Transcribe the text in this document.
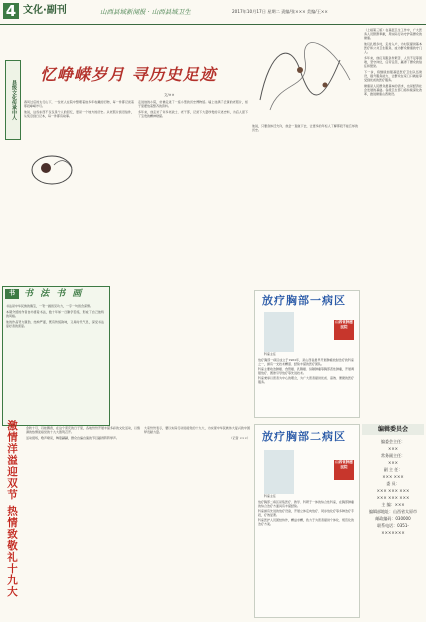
4 文化·副刊	山西县域新闻报 · 山西县域卫生	2017年10月17日 星期二 责编/张××× 美编/王××
县级文化传承中人
忆峥嵘岁月 寻历史足迹
文/××

春风过后的太行山下，一位老人在院中整理着他多年收藏的旧物，每一件都记录着那段峥嵘岁月。

他说，这些东西不仅仅是个人的回忆，更是一个地方的历史。从老照片到旧信件，从奖章到日记本，每一件都有故事。

走进他的小院，仿佛走进了一座小型的历史博物馆。墙上挂满了泛黄的老照片，柜子里摆放着整齐的资料。

多年来，他走访了许多老战士、老干部，记录下大量珍贵的口述史料，为后人留下了宝贵的精神财富。

他说，只要身体还允许，他会一直做下去，让更多的年轻人了解那段不能忘却的历史。

书	书 法 书 画

书法是中华民族的瑰宝，一笔一画皆见功力，一字一句皆含深情。

本期介绍的作者自幼喜爱书法，数十年如一日勤学苦练，形成了自己独特的风格。

他的作品笔力遒劲，结构严谨，既有传统韵味，又具时代气息，深受书法爱好者的喜爱。

激情洋溢迎双节 热情致敬礼十九大	金秋十月，丹桂飘香，在这个喜庆的日子里，各地纷纷开展丰富多彩的文化活动，以饱满的热情迎接党的十九大胜利召开。

活动现场，歌声嘹亮，舞姿翩翩，群众自编自演的节目赢得阵阵掌声。

大家纷纷表示，要以实际行动迎接党的十九大，为实现中华民族伟大复兴的中国梦贡献力量。

（记者 ×××）

放疗胸部一病区
山西省肿瘤医院
科室主任

放疗胸部一病区成立于1962年，是山西省最早开展肿瘤放射治疗的科室之一，拥有一支技术精湛、经验丰富的医疗团队。

科室主要收治肺癌、食管癌、乳腺癌、纵隔肿瘤等胸部恶性肿瘤，开展调强放疗、图像引导放疗等先进技术。

科室秉承以患者为中心的理念，为广大患者提供优质、高效、便捷的医疗服务。

放疗胸部二病区
山西省肿瘤医院
科室主任

放疗胸部二病区是集医疗、教学、科研于一体的综合性科室，在胸部肿瘤的综合治疗方面具有丰富经验。

科室拥有先进的放疗设备，开展立体定向放疗、同步放化疗等多种治疗手段，疗效显著。

科室医护人员团结协作，精益求精，致力于为患者提供个体化、规范化的治疗方案。

（上接第三版）在基层卫生工作中，广大医务人员默默奉献，用实际行动守护着群众的健康。

他们扎根乡村，走村入户，为村民提供基本医疗和公共卫生服务，成为群众健康的守门人。

多年来，他们克服条件艰苦、人员不足等困难，坚守岗位，任劳任怨，赢得了群众的信任和赞誉。

下一步，将继续加强基层医疗卫生队伍建设，提升服务能力，让群众在家门口就能享受到优质的医疗服务。

健康是人民群众最基本的需求，也是经济社会发展的基础。各级卫生部门将持续深化改革，推进健康山西建设。

编辑委员会
编委会主任：
×××
常务副主任：
×××
副 主 任：
××× ×××
委 员：
××× ××× ×××
××× ××× ×××
主 编：×××
编辑部地址：山西省太原市
邮政编码：030000
联系电话：0351-
×××××××
